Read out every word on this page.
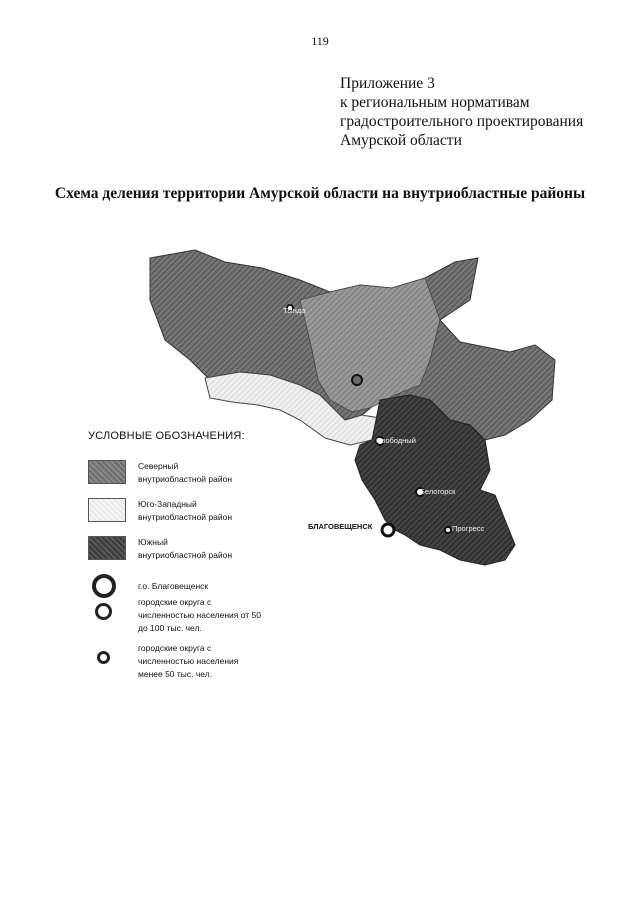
119
Приложение 3
к региональным нормативам
градостроительного проектирования
Амурской области
Схема деления территории Амурской области на внутриобластные районы
Тында
Свободный
Белогорск
Прогресс
БЛАГОВЕЩЕНСК
УСЛОВНЫЕ ОБОЗНАЧЕНИЯ:
Северный
внутриобластной район
Юго-Западный
внутриобластной район
Южный
внутриобластной район
г.о. Благовещенск
городские округа с
численностью населения от 50
до 100 тыс. чел.
городские округа с
численностью населения
менее 50 тыс. чел.
